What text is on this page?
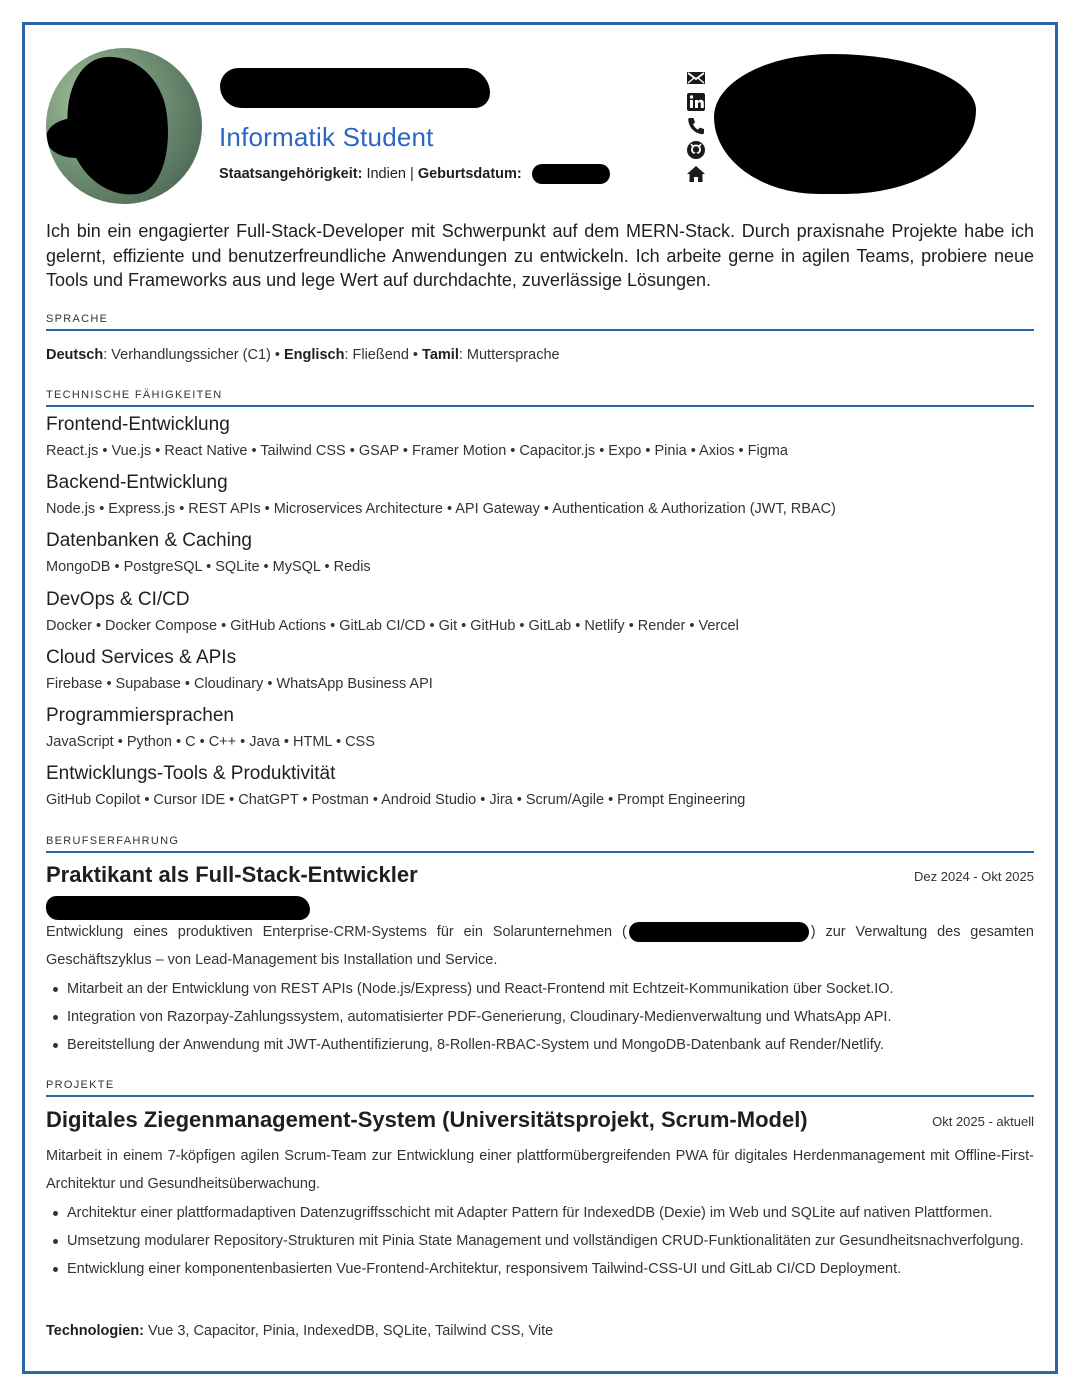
Informatik Student
Staatsangehörigkeit: Indien | Geburtsdatum:

Ich bin ein engagierter Full-Stack-Developer mit Schwerpunkt auf dem MERN-Stack. Durch praxisnahe Projekte habe ich gelernt, effiziente und benutzerfreundliche Anwendungen zu entwickeln. Ich arbeite gerne in agilen Teams, probiere neue Tools und Frameworks aus und lege Wert auf durchdachte, zuverlässige Lösungen.

SPRACHE
Deutsch: Verhandlungssicher (C1) • Englisch: Fließend • Tamil: Muttersprache
TECHNISCHE FÄHIGKEITEN
Frontend-Entwicklung
React.js • Vue.js • React Native • Tailwind CSS • GSAP • Framer Motion • Capacitor.js • Expo • Pinia • Axios • Figma
Backend-Entwicklung
Node.js • Express.js • REST APIs • Microservices Architecture • API Gateway • Authentication & Authorization (JWT, RBAC)
Datenbanken & Caching
MongoDB • PostgreSQL • SQLite • MySQL • Redis
DevOps & CI/CD
Docker • Docker Compose • GitHub Actions • GitLab CI/CD • Git • GitHub • GitLab • Netlify • Render • Vercel
Cloud Services & APIs
Firebase • Supabase • Cloudinary • WhatsApp Business API
Programmiersprachen
JavaScript • Python • C • C++ • Java • HTML • CSS
Entwicklungs-Tools & Produktivität
GitHub Copilot • Cursor IDE • ChatGPT • Postman • Android Studio • Jira • Scrum/Agile • Prompt Engineering
BERUFSERFAHRUNG
Praktikant als Full-Stack-Entwickler	Dez 2024 - Okt 2025

Entwicklung eines produktiven Enterprise-CRM-Systems für ein Solarunternehmen (	) zur Verwaltung des gesamten Geschäftszyklus – von Lead-Management bis Installation und Service.

Mitarbeit an der Entwicklung von REST APIs (Node.js/Express) und React-Frontend mit Echtzeit-Kommunikation über Socket.IO.
Integration von Razorpay-Zahlungssystem, automatisierter PDF-Generierung, Cloudinary-Medienverwaltung und WhatsApp API.
Bereitstellung der Anwendung mit JWT-Authentifizierung, 8-Rollen-RBAC-System und MongoDB-Datenbank auf Render/Netlify.
PROJEKTE
Digitales Ziegenmanagement-System (Universitätsprojekt, Scrum-Model)	Okt 2025 - aktuell

Mitarbeit in einem 7-köpfigen agilen Scrum-Team zur Entwicklung einer plattformübergreifenden PWA für digitales Herdenmanagement mit Offline-First-Architektur und Gesundheitsüberwachung.

Architektur einer plattformadaptiven Datenzugriffsschicht mit Adapter Pattern für IndexedDB (Dexie) im Web und SQLite auf nativen Plattformen.
Umsetzung modularer Repository-Strukturen mit Pinia State Management und vollständigen CRUD-Funktionalitäten zur Gesundheitsnachverfolgung.
Entwicklung einer komponentenbasierten Vue-Frontend-Architektur, responsivem Tailwind-CSS-UI und GitLab CI/CD Deployment.
Technologien: Vue 3, Capacitor, Pinia, IndexedDB, SQLite, Tailwind CSS, Vite
